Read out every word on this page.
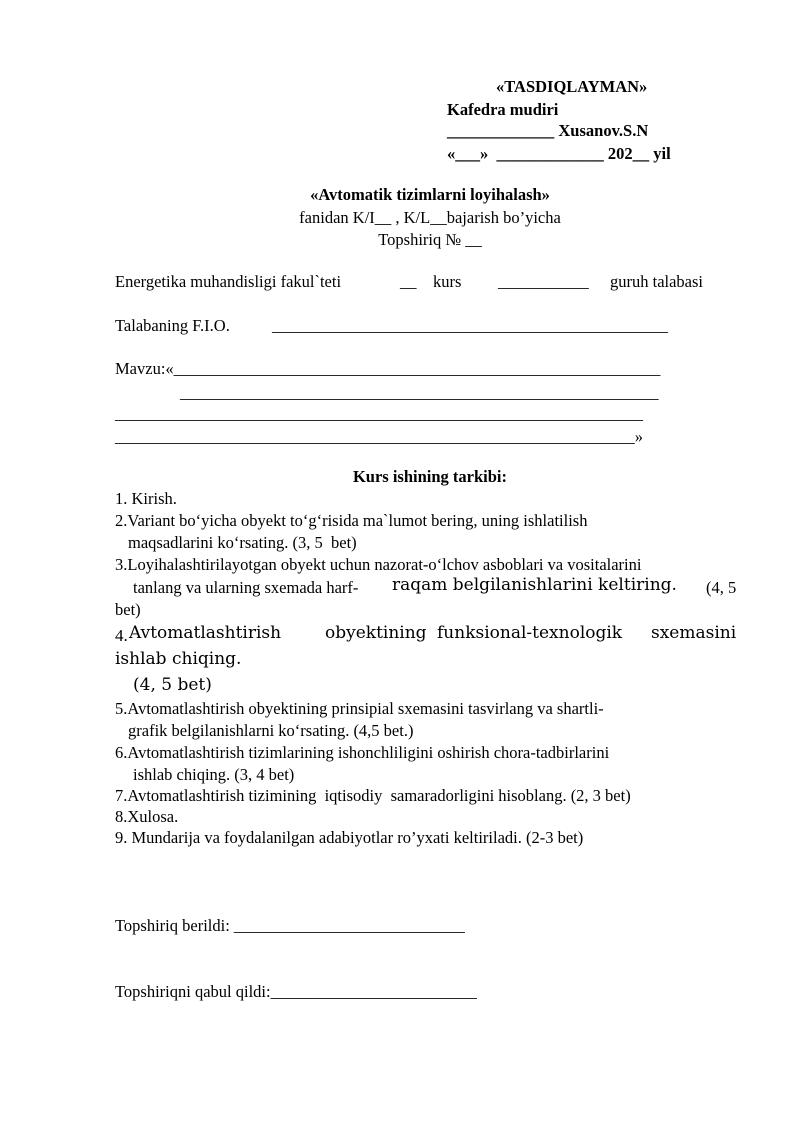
«TASDIQLAYMAN»
Kafedra mudiri
_____________ Xusanov.S.N
«___»  _____________ 202__ yil
«Avtomatik tizimlarni loyihalash»
fanidan K/I__ , K/L__bajarish bo’yicha
Topshiriq № __
Energetika muhandisligi fakul`teti	__ kurs ___________ guruh talabasi
Talabaning F.I.O.	________________________________________________
Mavzu:«___________________________________________________________
__________________________________________________________
________________________________________________________________
_______________________________________________________________»
Kurs ishining tarkibi:
1. Kirish.
2.Variant bo‘yicha obyekt to‘g‘risida ma`lumot bering, uning ishlatilish
maqsadlarini ko‘rsating. (3, 5  bet)
3.Loyihalashtirilayotgan obyekt uchun nazorat-o‘lchov asboblari va vositalarini
tanlang va ularning sxemada harf- raqam belgilanishlarini keltiring. (4, 5
bet)
4. Avtomatlashtirish	obyektining funksional-texnologik sxemasini
ishlab chiqing.
(4, 5 bet)
5.Avtomatlashtirish obyektining prinsipial sxemasini tasvirlang va shartli-
grafik belgilanishlarni ko‘rsating. (4,5 bet.)
6.Avtomatlashtirish tizimlarining ishonchliligini oshirish chora-tadbirlarini
ishlab chiqing. (3, 4 bet)
7.Avtomatlashtirish tizimining  iqtisodiy  samaradorligini hisoblang. (2, 3 bet)
8.Xulosa.
9. Mundarija va foydalanilgan adabiyotlar ro’yxati keltiriladi. (2-3 bet)
Topshiriq berildi: ____________________________
Topshiriqni qabul qildi:_________________________
